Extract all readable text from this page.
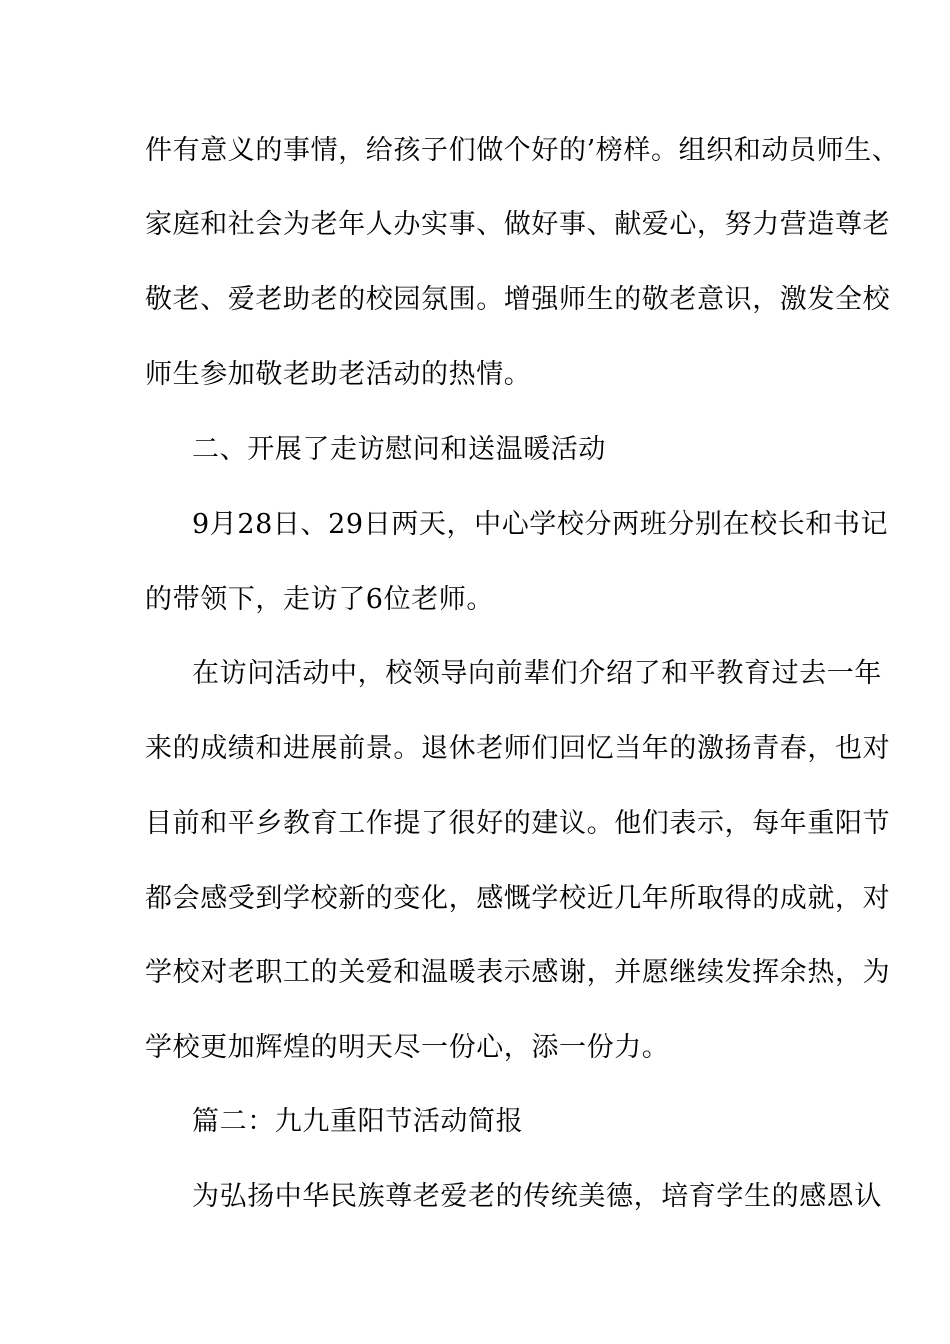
件有意义的事情，给孩子们做个好的’榜样。组织和动员师生、
家庭和社会为老年人办实事、做好事、献爱心，努力营造尊老
敬老、爱老助老的校园氛围。增强师生的敬老意识，激发全校
师生参加敬老助老活动的热情。
二、开展了走访慰问和送温暖活动
9月28日、29日两天，中心学校分两班分别在校长和书记
的带领下，走访了6位老师。
在访问活动中，校领导向前辈们介绍了和平教育过去一年
来的成绩和进展前景。退休老师们回忆当年的激扬青春，也对
目前和平乡教育工作提了很好的建议。他们表示，每年重阳节
都会感受到学校新的变化，感慨学校近几年所取得的成就，对
学校对老职工的关爱和温暖表示感谢，并愿继续发挥余热，为
学校更加辉煌的明天尽一份心，添一份力。
篇二：九九重阳节活动简报
为弘扬中华民族尊老爱老的传统美德，培育学生的感恩认
